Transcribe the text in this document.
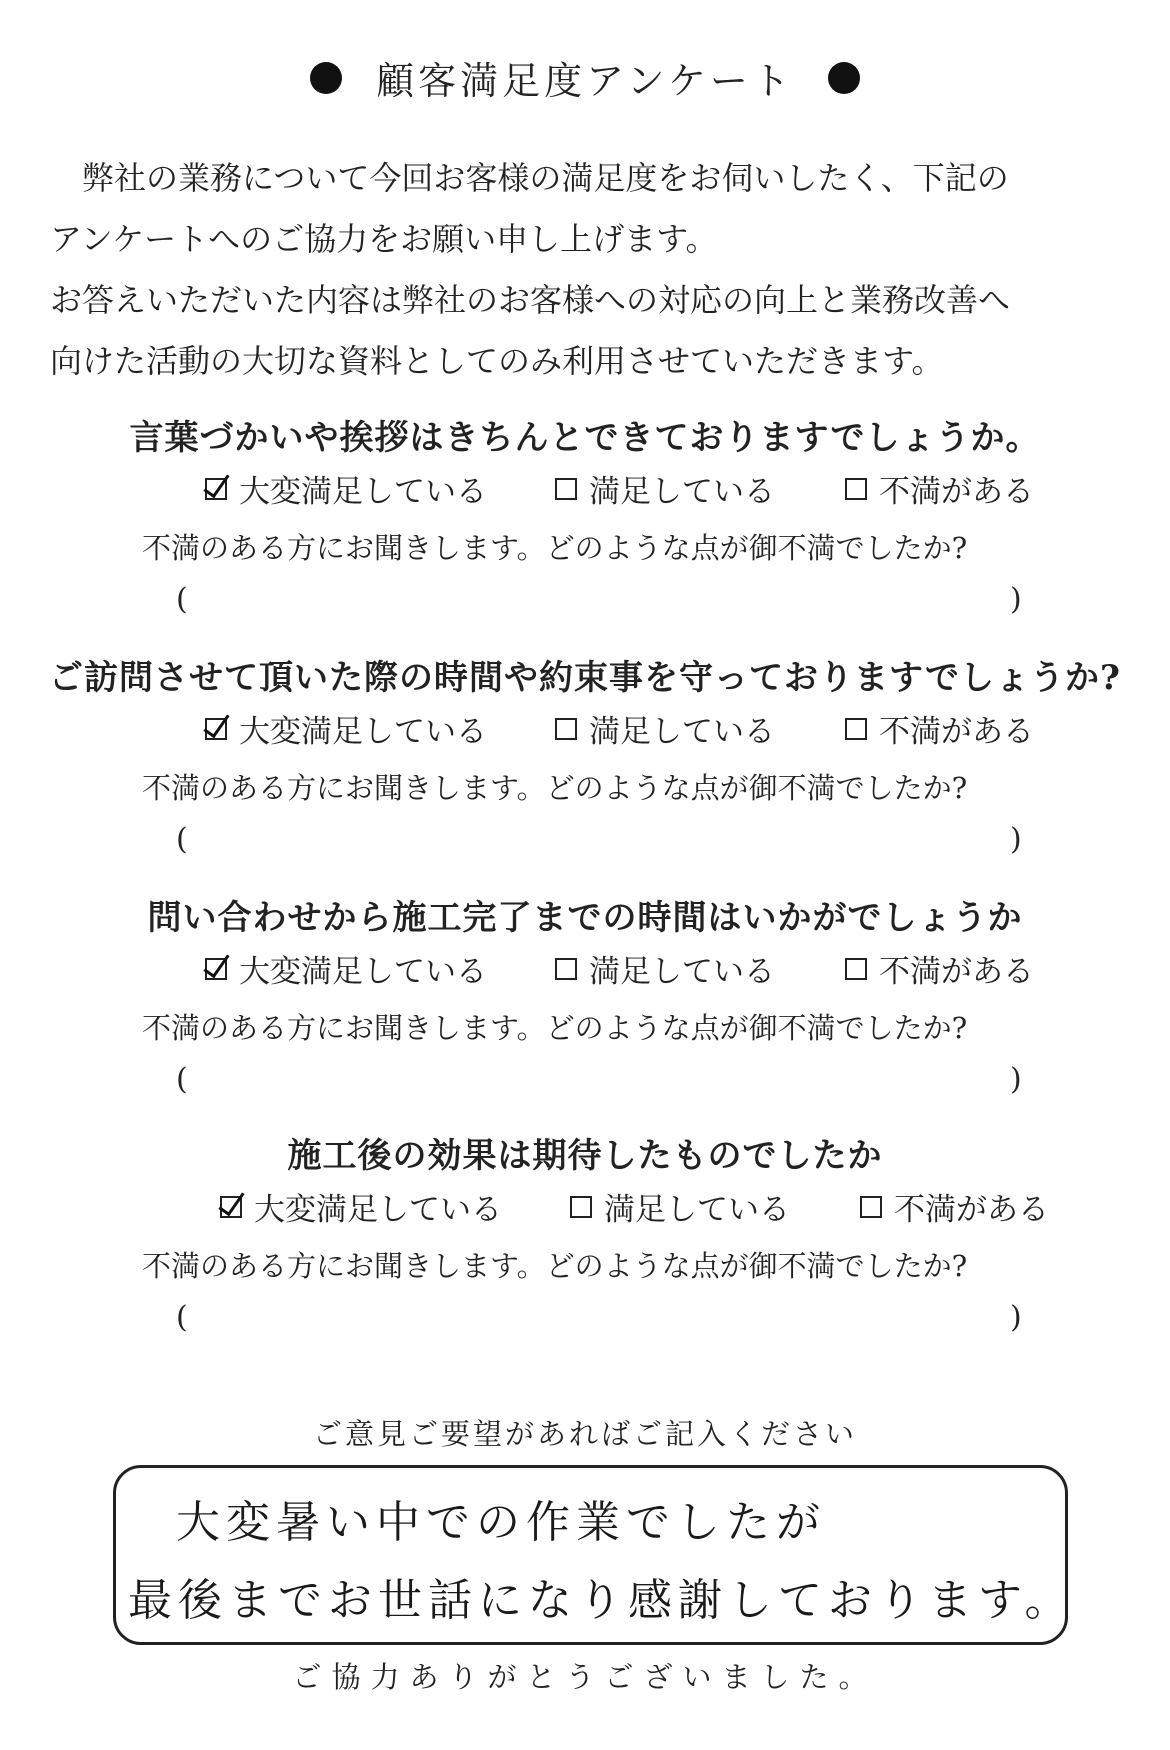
顧客満足度アンケート

弊社の業務について今回お客様の満足度をお伺いしたく、下記の

アンケートへのご協力をお願い申し上げます。

お答えいただいた内容は弊社のお客様への対応の向上と業務改善へ

向けた活動の大切な資料としてのみ利用させていただきます。

言葉づかいや挨拶はきちんとできておりますでしょうか。
大変満足している	満足している	不満がある
不満のある方にお聞きします。どのような点が御不満でしたか?
(	)
ご訪問させて頂いた際の時間や約束事を守っておりますでしょうか?
大変満足している	満足している	不満がある
不満のある方にお聞きします。どのような点が御不満でしたか?
(	)
問い合わせから施工完了までの時間はいかがでしょうか
大変満足している	満足している	不満がある
不満のある方にお聞きします。どのような点が御不満でしたか?
(	)
施工後の効果は期待したものでしたか
大変満足している	満足している	不満がある
不満のある方にお聞きします。どのような点が御不満でしたか?
(	)
ご意見ご要望があればご記入ください
大変暑い中での作業でしたが
最後までお世話になり感謝しております。
ご協力ありがとうございました。
